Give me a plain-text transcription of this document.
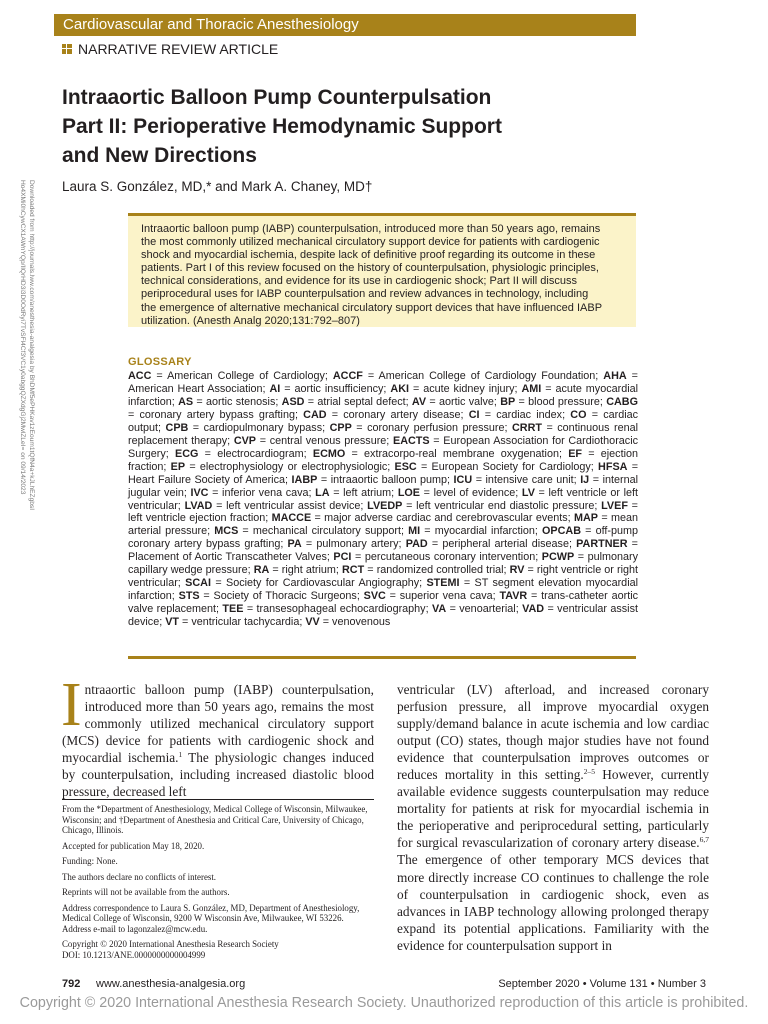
Cardiovascular and Thoracic Anesthesiology
NARRATIVE REVIEW ARTICLE
Intraaortic Balloon Pump Counterpulsation
Part II: Perioperative Hemodynamic Support
and New Directions
Laura S. González, MD,* and Mark A. Chaney, MD†
Downloaded from http://journals.lww.com/anesthesia-analgesia by BhDMf5ePHKav1zEoum1tQfN4a+kJLhEZgbsI
Ho4XMi0hCywCX1AWnYQp/IlQrHD3i3D0OdRyi7TvSFl4Cf3VC1y0abggQZXdgGj2MwlZLeI= on 09/14/2023	Intraaortic balloon pump (IABP) counterpulsation, introduced more than 50 years ago, remains

the most commonly utilized mechanical circulatory support device for patients with cardiogenic

shock and myocardial ischemia, despite lack of definitive proof regarding its outcome in these

patients. Part I of this review focused on the history of counterpulsation, physiologic principles,

technical considerations, and evidence for its use in cardiogenic shock; Part II will discuss

periprocedural uses for IABP counterpulsation and review advances in technology, including

the emergence of alternative mechanical circulatory support devices that have influenced IABP

utilization. (Anesth Analg 2020;131:792–807)

GLOSSARY
ACC = American College of Cardiology; ACCF = American College of Cardiology Foundation; AHA = American Heart Association; AI = aortic insufficiency; AKI = acute kidney injury; AMI = acute myocardial infarction; AS = aortic stenosis; ASD = atrial septal defect; AV = aortic valve; BP = blood pressure; CABG = coronary artery bypass grafting; CAD = coronary artery disease; CI = cardiac index; CO = cardiac output; CPB = cardiopulmonary bypass; CPP = coronary perfusion pressure; CRRT = continuous renal replacement therapy; CVP = central venous pressure; EACTS = European Association for Cardiothoracic Surgery; ECG = electrocardiogram; ECMO = extracorpo-real membrane oxygenation; EF = ejection fraction; EP = electrophysiology or electrophysiologic; ESC = European Society for Cardiology; HFSA = Heart Failure Society of America; IABP = intraaortic balloon pump; ICU = intensive care unit; IJ = internal jugular vein; IVC = inferior vena cava; LA = left atrium; LOE = level of evidence; LV = left ventricle or left ventricular; LVAD = left ventricular assist device; LVEDP = left ventricular end diastolic pressure; LVEF = left ventricle ejection fraction; MACCE = major adverse cardiac and cerebrovascular events; MAP = mean arterial pressure; MCS = mechanical circulatory support; MI = myocardial infarction; OPCAB = off-pump coronary artery bypass grafting; PA = pulmonary artery; PAD = peripheral arterial disease; PARTNER = Placement of Aortic Transcatheter Valves; PCI = percutaneous coronary intervention; PCWP = pulmonary capillary wedge pressure; RA = right atrium; RCT = randomized controlled trial; RV = right ventricle or right ventricular; SCAI = Society for Cardiovascular Angiography; STEMI = ST segment elevation myocardial infarction; STS = Society of Thoracic Surgeons; SVC = superior vena cava; TAVR = trans-catheter aortic valve replacement; TEE = transesophageal echocardiography; VA = venoarterial; VAD = ventricular assist device; VT = ventricular tachycardia; VV = venovenous
Intraaortic balloon pump (IABP) counterpulsation, introduced more than 50 years ago, remains the most commonly utilized mechanical circulatory support (MCS) device for patients with cardiogenic shock and myocardial ischemia.$^1$ The physiologic changes induced by counterpulsation, including increased diastolic blood pressure, decreased left

From the *Department of Anesthesiology, Medical College of Wisconsin, Milwaukee, Wisconsin; and †Department of Anesthesia and Critical Care, University of Chicago, Chicago, Illinois.

Accepted for publication May 18, 2020.

Funding: None.

The authors declare no conflicts of interest.

Reprints will not be available from the authors.

Address correspondence to Laura S. González, MD, Department of Anesthesiology, Medical College of Wisconsin, 9200 W Wisconsin Ave, Milwaukee, WI 53226. Address e-mail to lagonzalez@mcw.edu.

Copyright © 2020 International Anesthesia Research Society

DOI: 10.1213/ANE.0000000000004999

ventricular (LV) afterload, and increased coronary perfusion pressure, all improve myocardial oxygen supply/demand balance in acute ischemia and low cardiac output (CO) states, though major studies have not found evidence that counterpulsation improves outcomes or reduces mortality in this setting.$^{2-5}$ However, currently available evidence suggests counterpulsation may reduce mortality for patients at risk for myocardial ischemia in the perioperative and periprocedural setting, particularly for surgical revascularization of coronary artery disease.$^{6,7}$ The emergence of other temporary MCS devices that more directly increase CO continues to challenge the role of counterpulsation in cardiogenic shock, even as advances in IABP technology allowing prolonged therapy expand its potential applications. Familiarity with the evidence for counterpulsation support in
792 www.anesthesia-analgesia.org	September 2020 • Volume 131 • Number 3
Copyright © 2020 International Anesthesia Research Society. Unauthorized reproduction of this article is prohibited.
